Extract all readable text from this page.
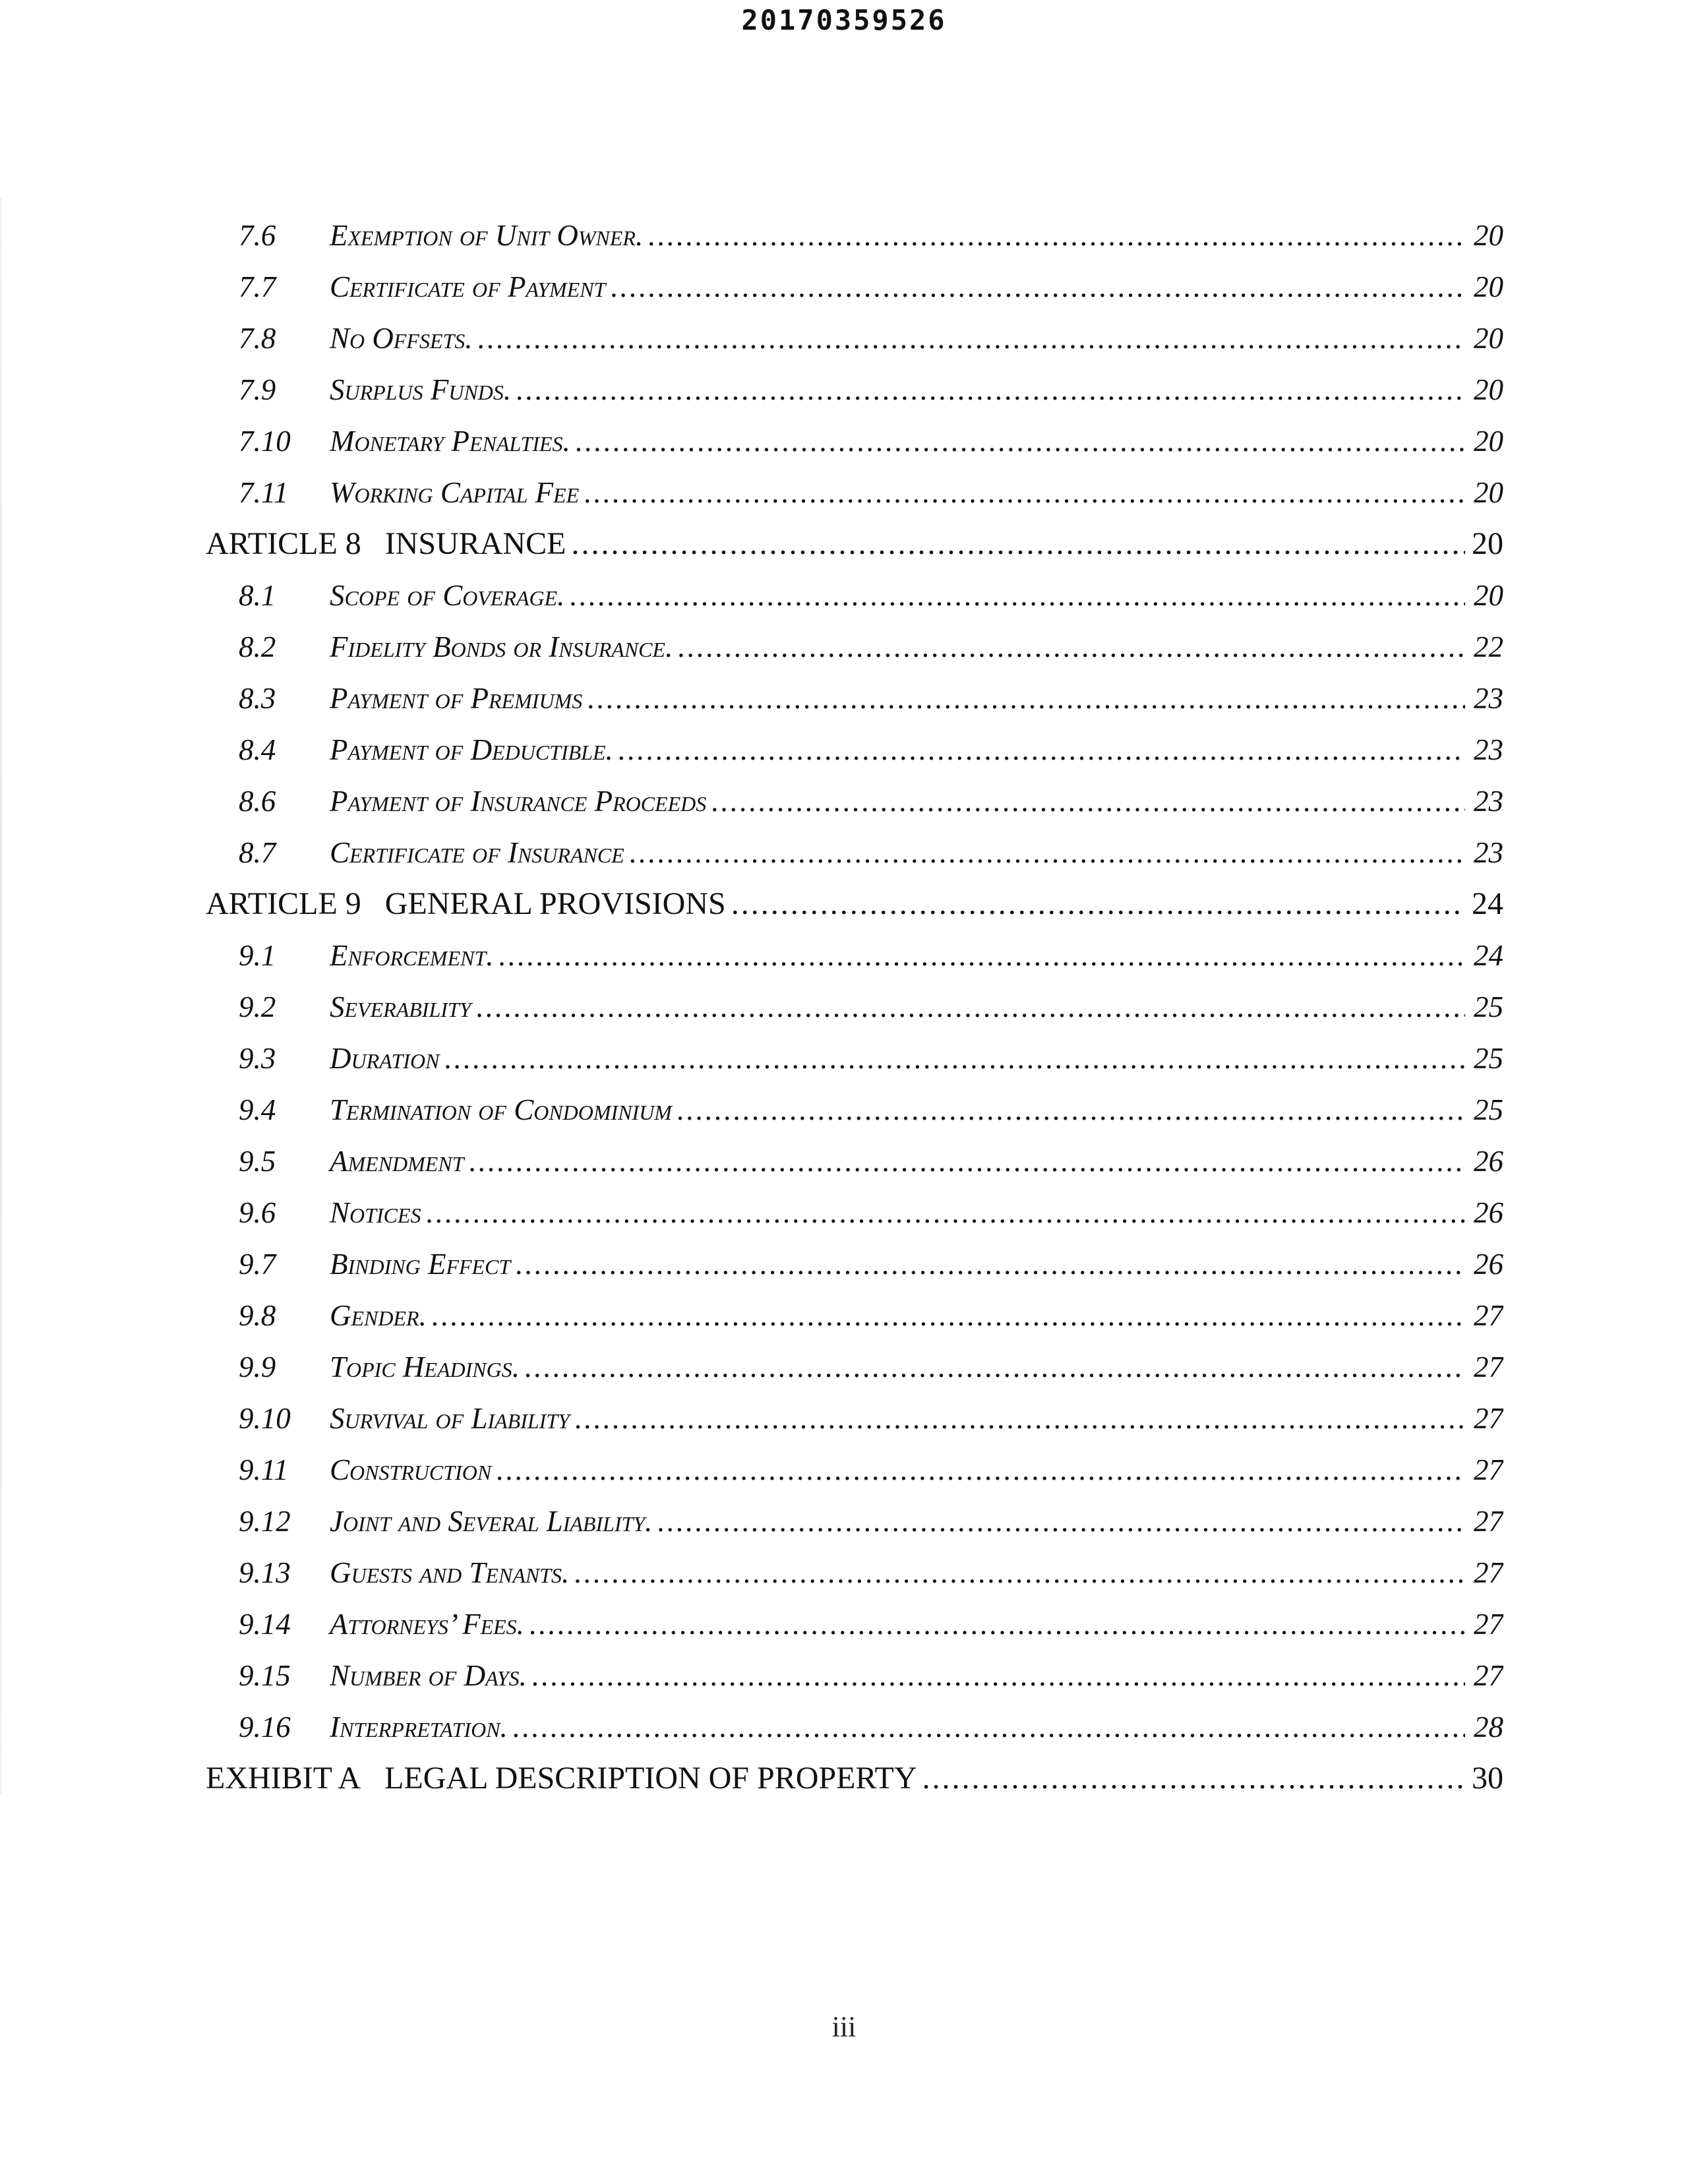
20170359526
7.6	Exemption of Unit Owner. .....	20
7.7	Certificate of Payment .....	20
7.8	No Offsets. .....	20
7.9	Surplus Funds. .....	20
7.10	Monetary Penalties. .....	20
7.11	Working Capital Fee .....	20
ARTICLE 8 INSURANCE .....	20
8.1	Scope of Coverage. .....	20
8.2	Fidelity Bonds or Insurance. .....	22
8.3	Payment of Premiums .....	23
8.4	Payment of Deductible. .....	23
8.6	Payment of Insurance Proceeds .....	23
8.7	Certificate of Insurance .....	23
ARTICLE 9 GENERAL PROVISIONS .....	24
9.1	Enforcement. .....	24
9.2	Severability .....	25
9.3	Duration .....	25
9.4	Termination of Condominium .....	25
9.5	Amendment .....	26
9.6	Notices .....	26
9.7	Binding Effect .....	26
9.8	Gender. .....	27
9.9	Topic Headings. .....	27
9.10	Survival of Liability .....	27
9.11	Construction .....	27
9.12	Joint and Several Liability. .....	27
9.13	Guests and Tenants. .....	27
9.14	Attorneys’ Fees. .....	27
9.15	Number of Days. .....	27
9.16	Interpretation. .....	28
EXHIBIT A LEGAL DESCRIPTION OF PROPERTY .....	30
iii
